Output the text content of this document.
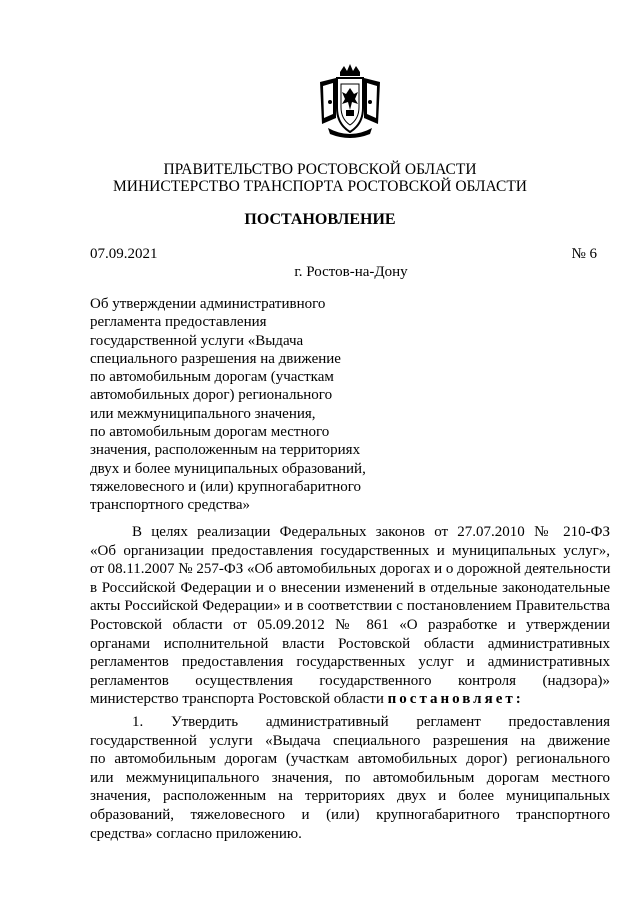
ПРАВИТЕЛЬСТВО РОСТОВСКОЙ ОБЛАСТИ
МИНИСТЕРСТВО ТРАНСПОРТА РОСТОВСКОЙ ОБЛАСТИ
ПОСТАНОВЛЕНИЕ
07.09.2021	№ 6
г. Ростов-на-Дону
Об утверждении административного
регламента предоставления
государственной услуги «Выдача
специального разрешения на движение
по автомобильным дорогам (участкам
автомобильных дорог) регионального
или межмуниципального значения,
по автомобильным дорогам местного
значения, расположенным на территориях
двух и более муниципальных образований,
тяжеловесного и (или) крупногабаритного
транспортного средства»
В целях реализации Федеральных законов от 27.07.2010 № 210-ФЗ
«Об организации предоставления государственных и муниципальных услуг»,
от 08.11.2007 № 257-ФЗ «Об автомобильных дорогах и о дорожной деятельности
в Российской Федерации и о внесении изменений в отдельные законодательные
акты Российской Федерации» и в соответствии с постановлением Правительства
Ростовской области от 05.09.2012 № 861 «О разработке и утверждении
органами исполнительной власти Ростовской области административных
регламентов предоставления государственных услуг и административных
регламентов осуществления государственного контроля (надзора)»
министерство транспорта Ростовской области постановляет:
1. Утвердить административный регламент предоставления
государственной услуги «Выдача специального разрешения на движение
по автомобильным дорогам (участкам автомобильных дорог) регионального
или межмуниципального значения, по автомобильным дорогам местного
значения, расположенным на территориях двух и более муниципальных
образований, тяжеловесного и (или) крупногабаритного транспортного
средства» согласно приложению.
